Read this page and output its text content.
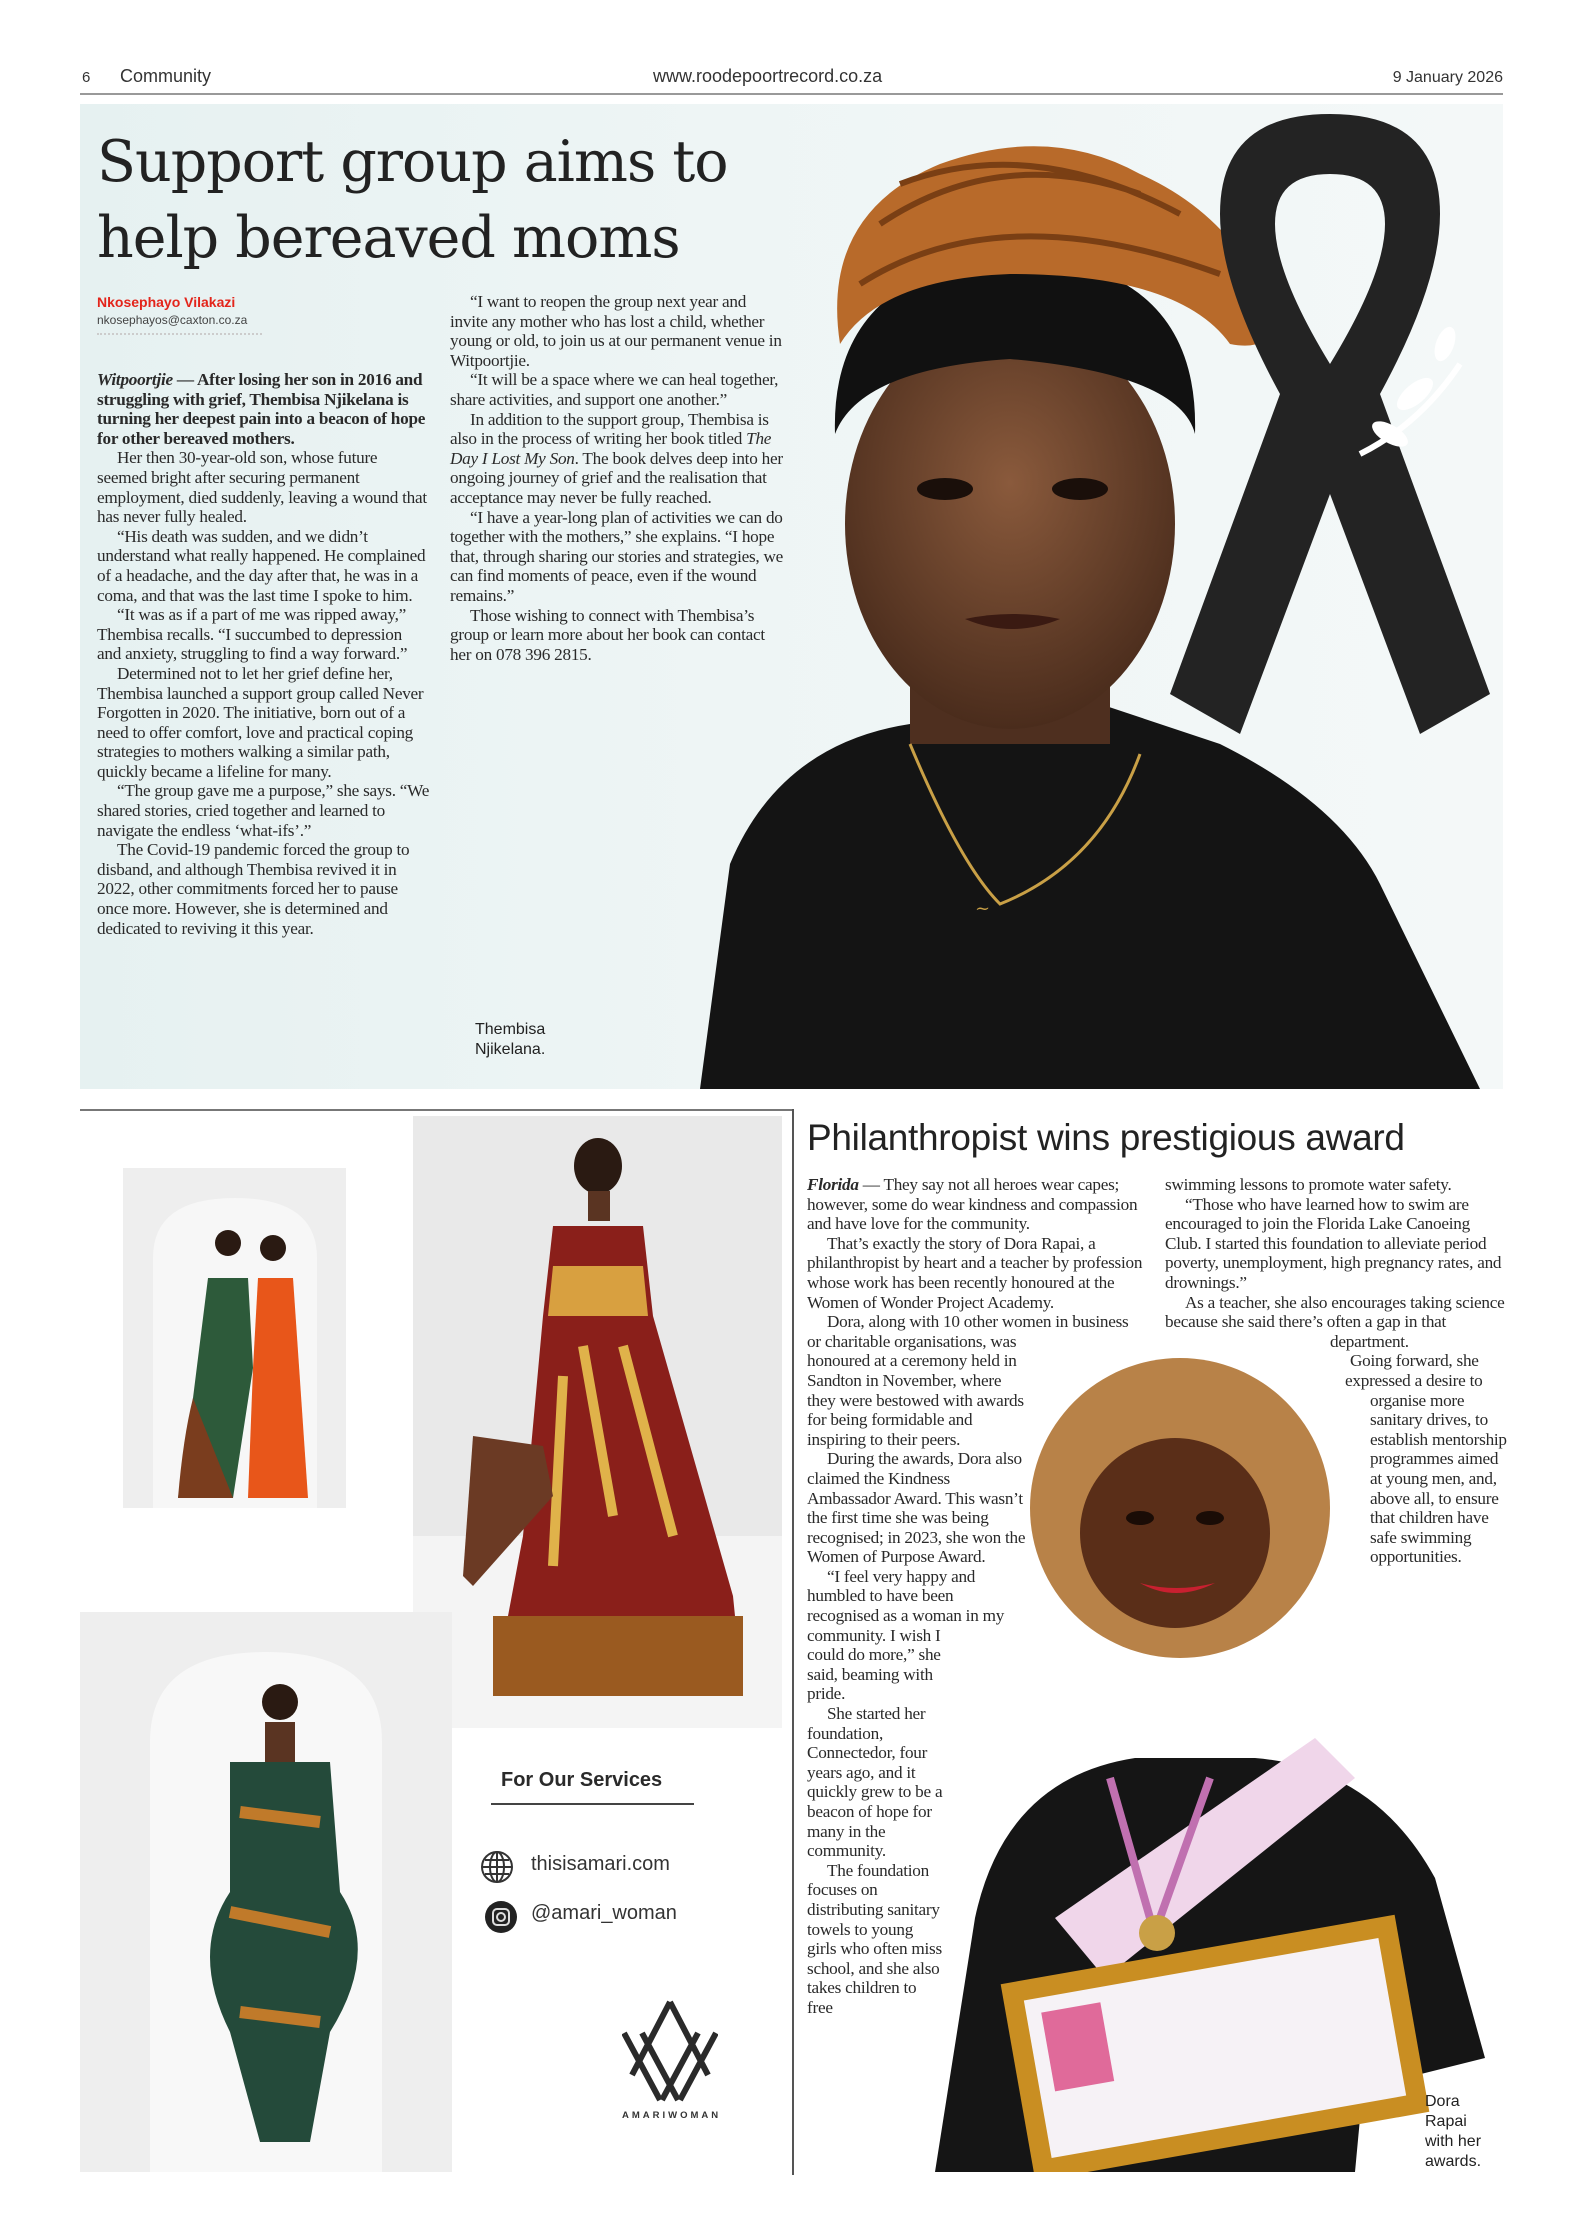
6 Community	www.roodepoortrecord.co.za	9 January 2026
~
Support group aims to
help bereaved moms
Nkosephayo Vilakazi
nkosephayos@caxton.co.za

Witpoortjie — After losing her son in 2016 and struggling with grief, Thembisa Njikelana is turning her deepest pain into a beacon of hope for other bereaved mothers.

Her then 30-year-old son, whose future seemed bright after securing permanent employment, died suddenly, leaving a wound that has never fully healed.

“His death was sudden, and we didn’t understand what really happened. He complained of a headache, and the day after that, he was in a coma, and that was the last time I spoke to him.

“It was as if a part of me was ripped away,” Thembisa recalls. “I succumbed to depression and anxiety, struggling to find a way forward.”

Determined not to let her grief define her, Thembisa launched a support group called Never Forgotten in 2020. The initiative, born out of a need to offer comfort, love and practical coping strategies to mothers walking a similar path, quickly became a lifeline for many.

“The group gave me a purpose,” she says. “We shared stories, cried together and learned to navigate the endless ‘what-ifs’.”

The Covid-19 pandemic forced the group to disband, and although Thembisa revived it in 2022, other commitments forced her to pause once more. However, she is determined and dedicated to reviving it this year.

“I want to reopen the group next year and invite any mother who has lost a child, whether young or old, to join us at our permanent venue in Witpoortjie.

“It will be a space where we can heal together, share activities, and support one another.”

In addition to the support group, Thembisa is also in the process of writing her book titled The Day I Lost My Son. The book delves deep into her ongoing journey of grief and the realisation that acceptance may never be fully reached.

“I have a year-long plan of activities we can do together with the mothers,” she explains. “I hope that, through sharing our stories and strategies, we can find moments of peace, even if the wound remains.”

Those wishing to connect with Thembisa’s group or learn more about her book can contact her on 078 396 2815.

Thembisa
Njikelana.
For Our Services
thisisamari.com
@amari_woman
AMARIWOMAN
Philanthropist wins prestigious award

Florida — They say not all heroes wear capes; however, some do wear kindness and compassion and have love for the community.

That’s exactly the story of Dora Rapai, a philanthropist by heart and a teacher by profession whose work has been recently honoured at the Women of Wonder Project Academy.

Dora, along with 10 other women in business or charitable organisations, was honoured at a ceremony held in Sandton in November, where they were bestowed with awards for being formidable and inspiring to their peers.

During the awards, Dora also claimed the Kindness Ambassador Award. This wasn’t the first time she was being recognised; in 2023, she won the Women of Purpose Award.

“I feel very happy and humbled to have been recognised as a woman in my community. I wish I could do more,” she said, beaming with pride.

She started her foundation, Connectedor, four years ago, and it quickly grew to be a beacon of hope for many in the community.

The foundation focuses on distributing sanitary towels to young girls who often miss school, and she also takes children to free

swimming lessons to promote water safety.

“Those who have learned how to swim are encouraged to join the Florida Lake Canoeing Club. I started this foundation to alleviate period poverty, unemployment, high pregnancy rates, and drownings.”

As a teacher, she also encourages taking science because she said there’s often a gap in that department.

Going forward, she expressed a desire to organise more sanitary drives, to establish mentorship programmes aimed at young men, and, above all, to ensure that children have safe swimming opportunities.

Dora
Rapai
with her
awards.
